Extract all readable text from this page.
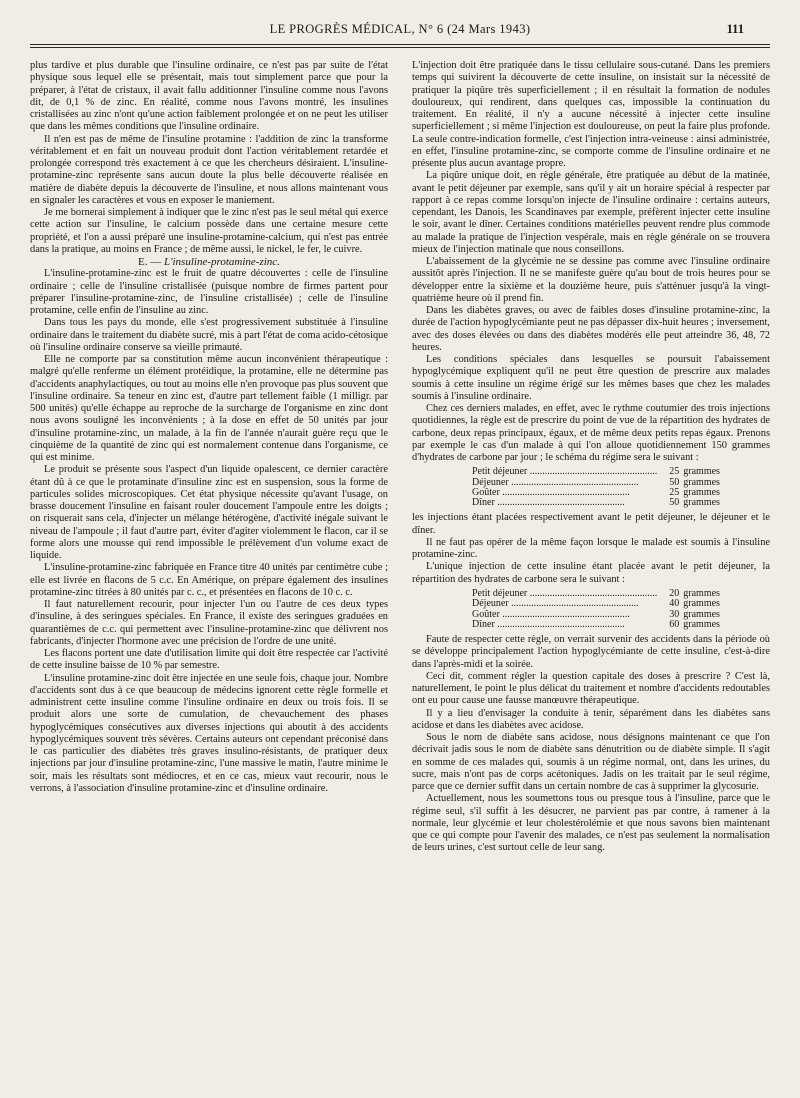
LE PROGRÈS MÉDICAL, N° 6 (24 Mars 1943)	111

plus tardive et plus durable que l'insuline ordinaire, ce n'est pas par suite de l'état physique sous lequel elle se présentait, mais tout simplement parce que pour la préparer, à l'état de cristaux, il avait fallu additionner l'insuline comme nous l'avons dit, de 0,1 % de zinc. En réalité, comme nous l'avons montré, les insulines cristallisées au zinc n'ont qu'une action faiblement prolongée et on ne peut les utiliser que dans les mêmes conditions que l'insuline ordinaire.

Il n'en est pas de même de l'insuline protamine : l'addition de zinc la transforme véritablement et en fait un nouveau produit dont l'action véritablement retardée et prolongée correspond très exactement à ce que les chercheurs désiraient. L'insuline-protamine-zinc représente sans aucun doute la plus belle découverte réalisée en matière de diabète depuis la découverte de l'insuline, et nous allons maintenant vous en signaler les caractères et vous en exposer le maniement.

Je me bornerai simplement à indiquer que le zinc n'est pas le seul métal qui exerce cette action sur l'insuline, le calcium possède dans une certaine mesure cette propriété, et l'on a aussi préparé une insuline-protamine-calcium, qui n'est pas entrée dans la pratique, au moins en France ; de même aussi, le nickel, le fer, le cuivre.

E. — L'insuline-protamine-zinc.

L'insuline-protamine-zinc est le fruit de quatre découvertes : celle de l'insuline ordinaire ; celle de l'insuline cristallisée (puisque nombre de firmes partent pour préparer l'insuline-protamine-zinc, de l'insuline cristallisée) ; celle de l'insuline protamine, celle enfin de l'insuline au zinc.

Dans tous les pays du monde, elle s'est progressivement substituée à l'insuline ordinaire dans le traitement du diabète sucré, mis à part l'état de coma acido-cétosique où l'insuline ordinaire conserve sa vieille primauté.

Elle ne comporte par sa constitution même aucun inconvénient thérapeutique : malgré qu'elle renferme un élément protéidique, la protamine, elle ne détermine pas d'accidents anaphylactiques, ou tout au moins elle n'en provoque pas plus souvent que l'insuline ordinaire. Sa teneur en zinc est, d'autre part tellement faible (1 milligr. par 500 unités) qu'elle échappe au reproche de la surcharge de l'organisme en zinc dont nous avons souligné les inconvénients ; à la dose en effet de 50 unités par jour d'insuline protamine-zinc, un malade, à la fin de l'année n'aurait guère reçu que le cinquième de la quantité de zinc qui est normalement contenue dans l'organisme, ce qui est minime.

Le produit se présente sous l'aspect d'un liquide opalescent, ce dernier caractère étant dû à ce que le protaminate d'insuline zinc est en suspension, sous la forme de particules solides microscopiques. Cet état physique nécessite qu'avant l'usage, on brasse doucement l'insuline en faisant rouler doucement l'ampoule entre les doigts ; on risquerait sans cela, d'injecter un mélange hétérogène, d'activité inégale suivant le niveau de l'ampoule ; il faut d'autre part, éviter d'agiter violemment le flacon, car il se forme alors une mousse qui rend impossible le prélèvement d'un volume exact de liquide.

L'insuline-protamine-zinc fabriquée en France titre 40 unités par centimètre cube ; elle est livrée en flacons de 5 c.c. En Amérique, on prépare également des insulines protamine-zinc titrées à 80 unités par c. c., et présentées en flacons de 10 c. c.

Il faut naturellement recourir, pour injecter l'un ou l'autre de ces deux types d'insuline, à des seringues spéciales. En France, il existe des seringues graduées en quarantièmes de c.c. qui permettent avec l'insuline-protamine-zinc que délivrent nos fabricants, d'injecter l'hormone avec une précision de l'ordre de une unité.

Les flacons portent une date d'utilisation limite qui doit être respectée car l'activité de cette insuline baisse de 10 % par semestre.

L'insuline protamine-zinc doit être injectée en une seule fois, chaque jour. Nombre d'accidents sont dus à ce que beaucoup de médecins ignorent cette règle formelle et administrent cette insuline comme l'insuline ordinaire en deux ou trois fois. Il se produit alors une sorte de cumulation, de chevauchement des phases hypoglycémiques consécutives aux diverses injections qui aboutit à des accidents hypoglycémiques souvent très sévères. Certains auteurs ont cependant préconisé dans le cas particulier des diabètes très graves insulino-résistants, de pratiquer deux injections par jour d'insuline protamine-zinc, l'une massive le matin, l'autre minime le soir, mais les résultats sont médiocres, et en ce cas, mieux vaut recourir, nous le verrons, à l'association d'insuline protamine-zinc et d'insuline ordinaire.

L'injection doit être pratiquée dans le tissu cellulaire sous-cutané. Dans les premiers temps qui suivirent la découverte de cette insuline, on insistait sur la nécessité de pratiquer la piqûre très superficiellement ; il en résultait la formation de nodules douloureux, qui rendirent, dans quelques cas, impossible la continuation du traitement. En réalité, il n'y a aucune nécessité à injecter cette insuline superficiellement ; si même l'injection est douloureuse, on peut la faire plus profonde. La seule contre-indication formelle, c'est l'injection intra-veineuse : ainsi administrée, en effet, l'insuline protamine-zinc, se comporte comme de l'insuline ordinaire et ne présente plus aucun avantage propre.

La piqûre unique doit, en règle générale, être pratiquée au début de la matinée, avant le petit déjeuner par exemple, sans qu'il y ait un horaire spécial à respecter par rapport à ce repas comme lorsqu'on injecte de l'insuline ordinaire : certains auteurs, cependant, les Danois, les Scandinaves par exemple, préfèrent injecter cette insuline le soir, avant le dîner. Certaines conditions matérielles peuvent rendre plus commode au malade la pratique de l'injection vespérale, mais en règle générale on se trouvera mieux de l'injection matinale que nous conseillons.

L'abaissement de la glycémie ne se dessine pas comme avec l'insuline ordinaire aussitôt après l'injection. Il ne se manifeste guère qu'au bout de trois heures pour se développer entre la sixième et la douzième heure, puis s'atténuer jusqu'à la vingt-quatrième heure où il prend fin.

Dans les diabètes graves, ou avec de faibles doses d'insuline protamine-zinc, la durée de l'action hypoglycémiante peut ne pas dépasser dix-huit heures ; inversement, avec des doses élevées ou dans des diabètes modérés elle peut atteindre 36, 48, 72 heures.

Les conditions spéciales dans lesquelles se poursuit l'abaissement hypoglycémique expliquent qu'il ne peut être question de prescrire aux malades soumis à cette insuline un régime érigé sur les mêmes bases que chez les malades soumis à l'insuline ordinaire.

Chez ces derniers malades, en effet, avec le rythme coutumier des trois injections quotidiennes, la règle est de prescrire du point de vue de la répartition des hydrates de carbone, deux repas principaux, égaux, et de même deux petits repas égaux. Prenons par exemple le cas d'un malade à qui l'on alloue quotidiennement 150 grammes d'hydrates de carbone par jour ; le schéma du régime sera le suivant :

Petit déjeuner .....	25	grammes
Déjeuner .....	50	grammes
Goûter .....	25	grammes
Dîner .....	50	grammes

les injections étant placées respectivement avant le petit déjeuner, le déjeuner et le dîner.

Il ne faut pas opérer de la même façon lorsque le malade est soumis à l'insuline protamine-zinc.

L'unique injection de cette insuline étant placée avant le petit déjeuner, la répartition des hydrates de carbone sera le suivant :

Petit déjeuner .....	20	grammes
Déjeuner .....	40	grammes
Goûter .....	30	grammes
Dîner .....	60	grammes

Faute de respecter cette règle, on verrait survenir des accidents dans la période où se développe principalement l'action hypoglycémiante de cette insuline, c'est-à-dire dans l'après-midi et la soirée.

Ceci dit, comment régler la question capitale des doses à prescrire ? C'est là, naturellement, le point le plus délicat du traitement et nombre d'accidents redoutables ont eu pour cause une fausse manœuvre thérapeutique.

Il y a lieu d'envisager la conduite à tenir, séparément dans les diabètes sans acidose et dans les diabètes avec acidose.

Sous le nom de diabète sans acidose, nous désignons maintenant ce que l'on décrivait jadis sous le nom de diabète sans dénutrition ou de diabète simple. Il s'agit en somme de ces malades qui, soumis à un régime normal, ont, dans les urines, du sucre, mais n'ont pas de corps acétoniques. Jadis on les traitait par le seul régime, parce que ce dernier suffit dans un certain nombre de cas à supprimer la glycosurie.

Actuellement, nous les soumettons tous ou presque tous à l'insuline, parce que le régime seul, s'il suffit à les désucrer, ne parvient pas par contre, à ramener à la normale, leur glycémie et leur cholestérolémie et que nous savons bien maintenant que ce qui compte pour l'avenir des malades, ce n'est pas seulement la normalisation de leurs urines, c'est surtout celle de leur sang.
